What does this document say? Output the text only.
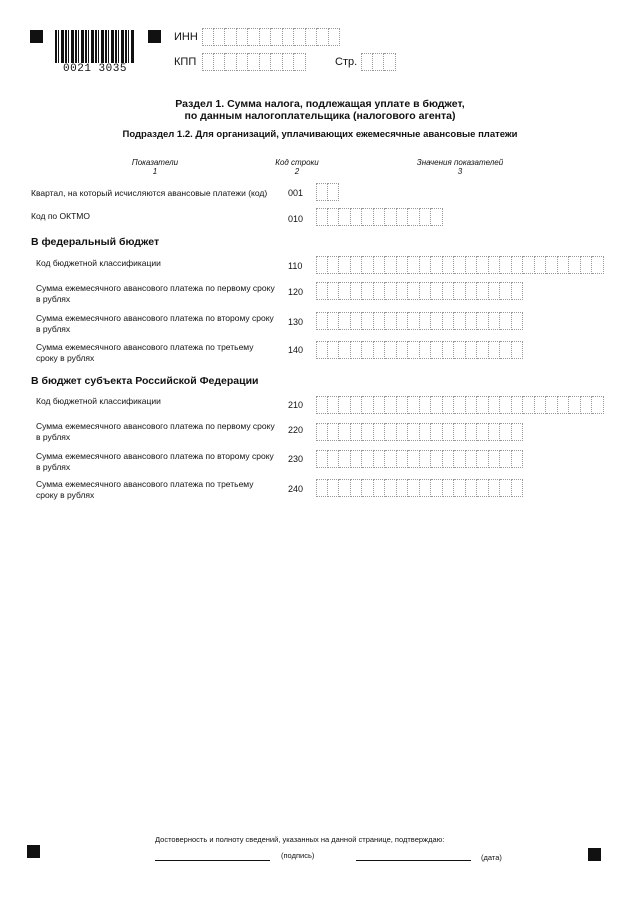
0021 3035
ИНН
КПП	Стр.
Раздел 1. Сумма налога, подлежащая уплате в бюджет,
по данным налогоплательщика (налогового агента)
Подраздел 1.2. Для организаций, уплачивающих ежемесячные авансовые платежи
Показатели
1
Код строки
2
Значения показателей
3
Квартал, на который исчисляются авансовые платежи (код)	001
Код по ОКТМО	010
В федеральный бюджет
Код бюджетной классификации	110
Сумма ежемесячного авансового платежа по первому сроку в рублях
120
Сумма ежемесячного авансового платежа по второму сроку в рублях
130
Сумма ежемесячного авансового платежа по третьему сроку в рублях
140
В бюджет субъекта Российской Федерации
Код бюджетной классификации	210
Сумма ежемесячного авансового платежа по первому сроку в рублях
220
Сумма ежемесячного авансового платежа по второму сроку в рублях
230
Сумма ежемесячного авансового платежа по третьему сроку в рублях
240
Достоверность и полноту сведений, указанных на данной странице, подтверждаю:
(подпись)	(дата)
